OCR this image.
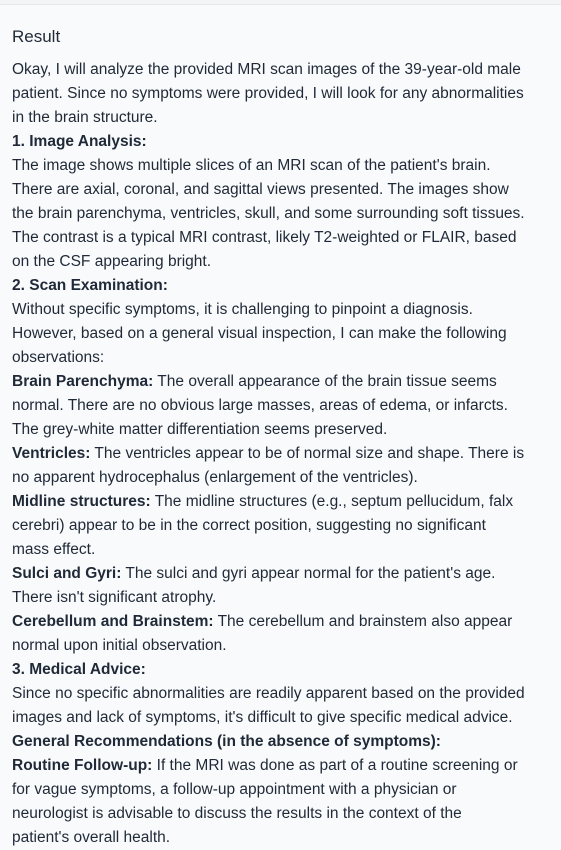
Result
Okay, I will analyze the provided MRI scan images of the 39-year-old male
patient. Since no symptoms were provided, I will look for any abnormalities
in the brain structure.
1. Image Analysis:
The image shows multiple slices of an MRI scan of the patient's brain.
There are axial, coronal, and sagittal views presented. The images show
the brain parenchyma, ventricles, skull, and some surrounding soft tissues.
The contrast is a typical MRI contrast, likely T2-weighted or FLAIR, based
on the CSF appearing bright.
2. Scan Examination:
Without specific symptoms, it is challenging to pinpoint a diagnosis.
However, based on a general visual inspection, I can make the following
observations:
Brain Parenchyma: The overall appearance of the brain tissue seems
normal. There are no obvious large masses, areas of edema, or infarcts.
The grey-white matter differentiation seems preserved.
Ventricles: The ventricles appear to be of normal size and shape. There is
no apparent hydrocephalus (enlargement of the ventricles).
Midline structures: The midline structures (e.g., septum pellucidum, falx
cerebri) appear to be in the correct position, suggesting no significant
mass effect.
Sulci and Gyri: The sulci and gyri appear normal for the patient's age.
There isn't significant atrophy.
Cerebellum and Brainstem: The cerebellum and brainstem also appear
normal upon initial observation.
3. Medical Advice:
Since no specific abnormalities are readily apparent based on the provided
images and lack of symptoms, it's difficult to give specific medical advice.
General Recommendations (in the absence of symptoms):
Routine Follow-up: If the MRI was done as part of a routine screening or
for vague symptoms, a follow-up appointment with a physician or
neurologist is advisable to discuss the results in the context of the
patient's overall health.
